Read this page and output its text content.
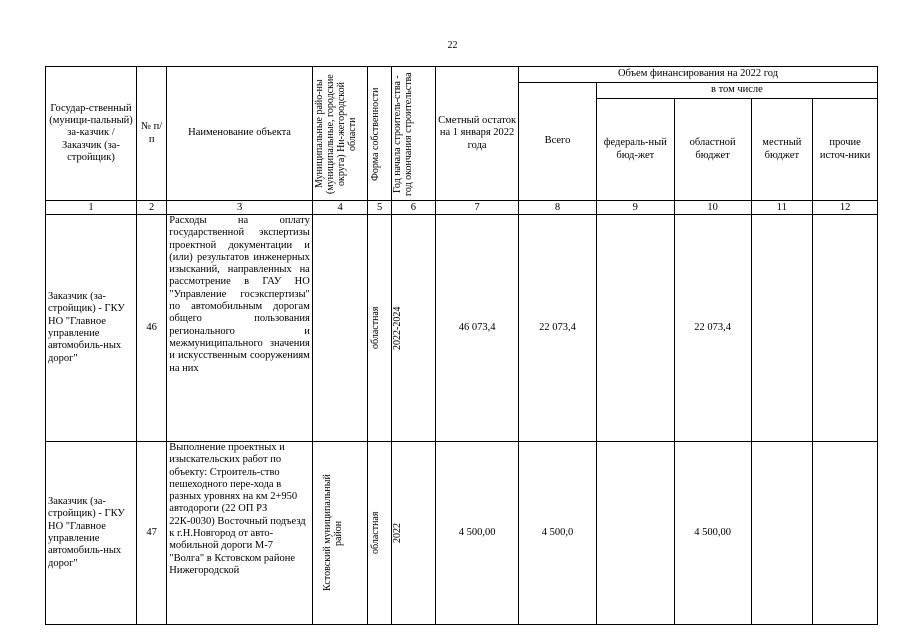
22
Государ-ственный (муници-пальный) за-казчик / Заказчик (за-стройщик)	№ п/п	Наименование объекта	Муниципальные райо-ны (муниципальные, городские округа) Ни-жегородской области	Форма собственности	Год начала строитель-ства - год окончания строительства	Сметный остаток на 1 января 2022 года	Объем финансирования на 2022 год				
							Всего	в том числе			
								федераль-ный бюд-жет	областной бюджет	местный бюджет	прочие источ-ники
1	2	3	4	5	6	7	8	9	10	11	12
Заказчик (за-стройщик) - ГКУ НО "Главное управление автомобиль-ных дорог"	46	Расходы на оплату государственной экспертизы проектной документации и (или) результатов инженерных изысканий, направленных на рассмотрение в ГАУ НО "Управление госэкспертизы" по автомобильным дорогам общего пользования регионального и межмуниципального значения и искусственным сооружениям на них		областная	2022-2024	46 073,4	22 073,4		22 073,4		
Заказчик (за-стройщик) - ГКУ НО "Главное управление автомобиль-ных дорог"	47	Выполнение проектных и изыскательских работ по объекту: Строитель-ство пешеходного пере-хода в разных уровнях на км 2+950 автодороги (22 ОП РЗ 22К-0030) Восточный подъезд к г.Н.Новгород от авто-мобильной дороги М-7 "Волга" в Кстовском районе Нижегородской	Кстовский муниципальный район	областная	2022	4 500,00	4 500,0		4 500,00		
